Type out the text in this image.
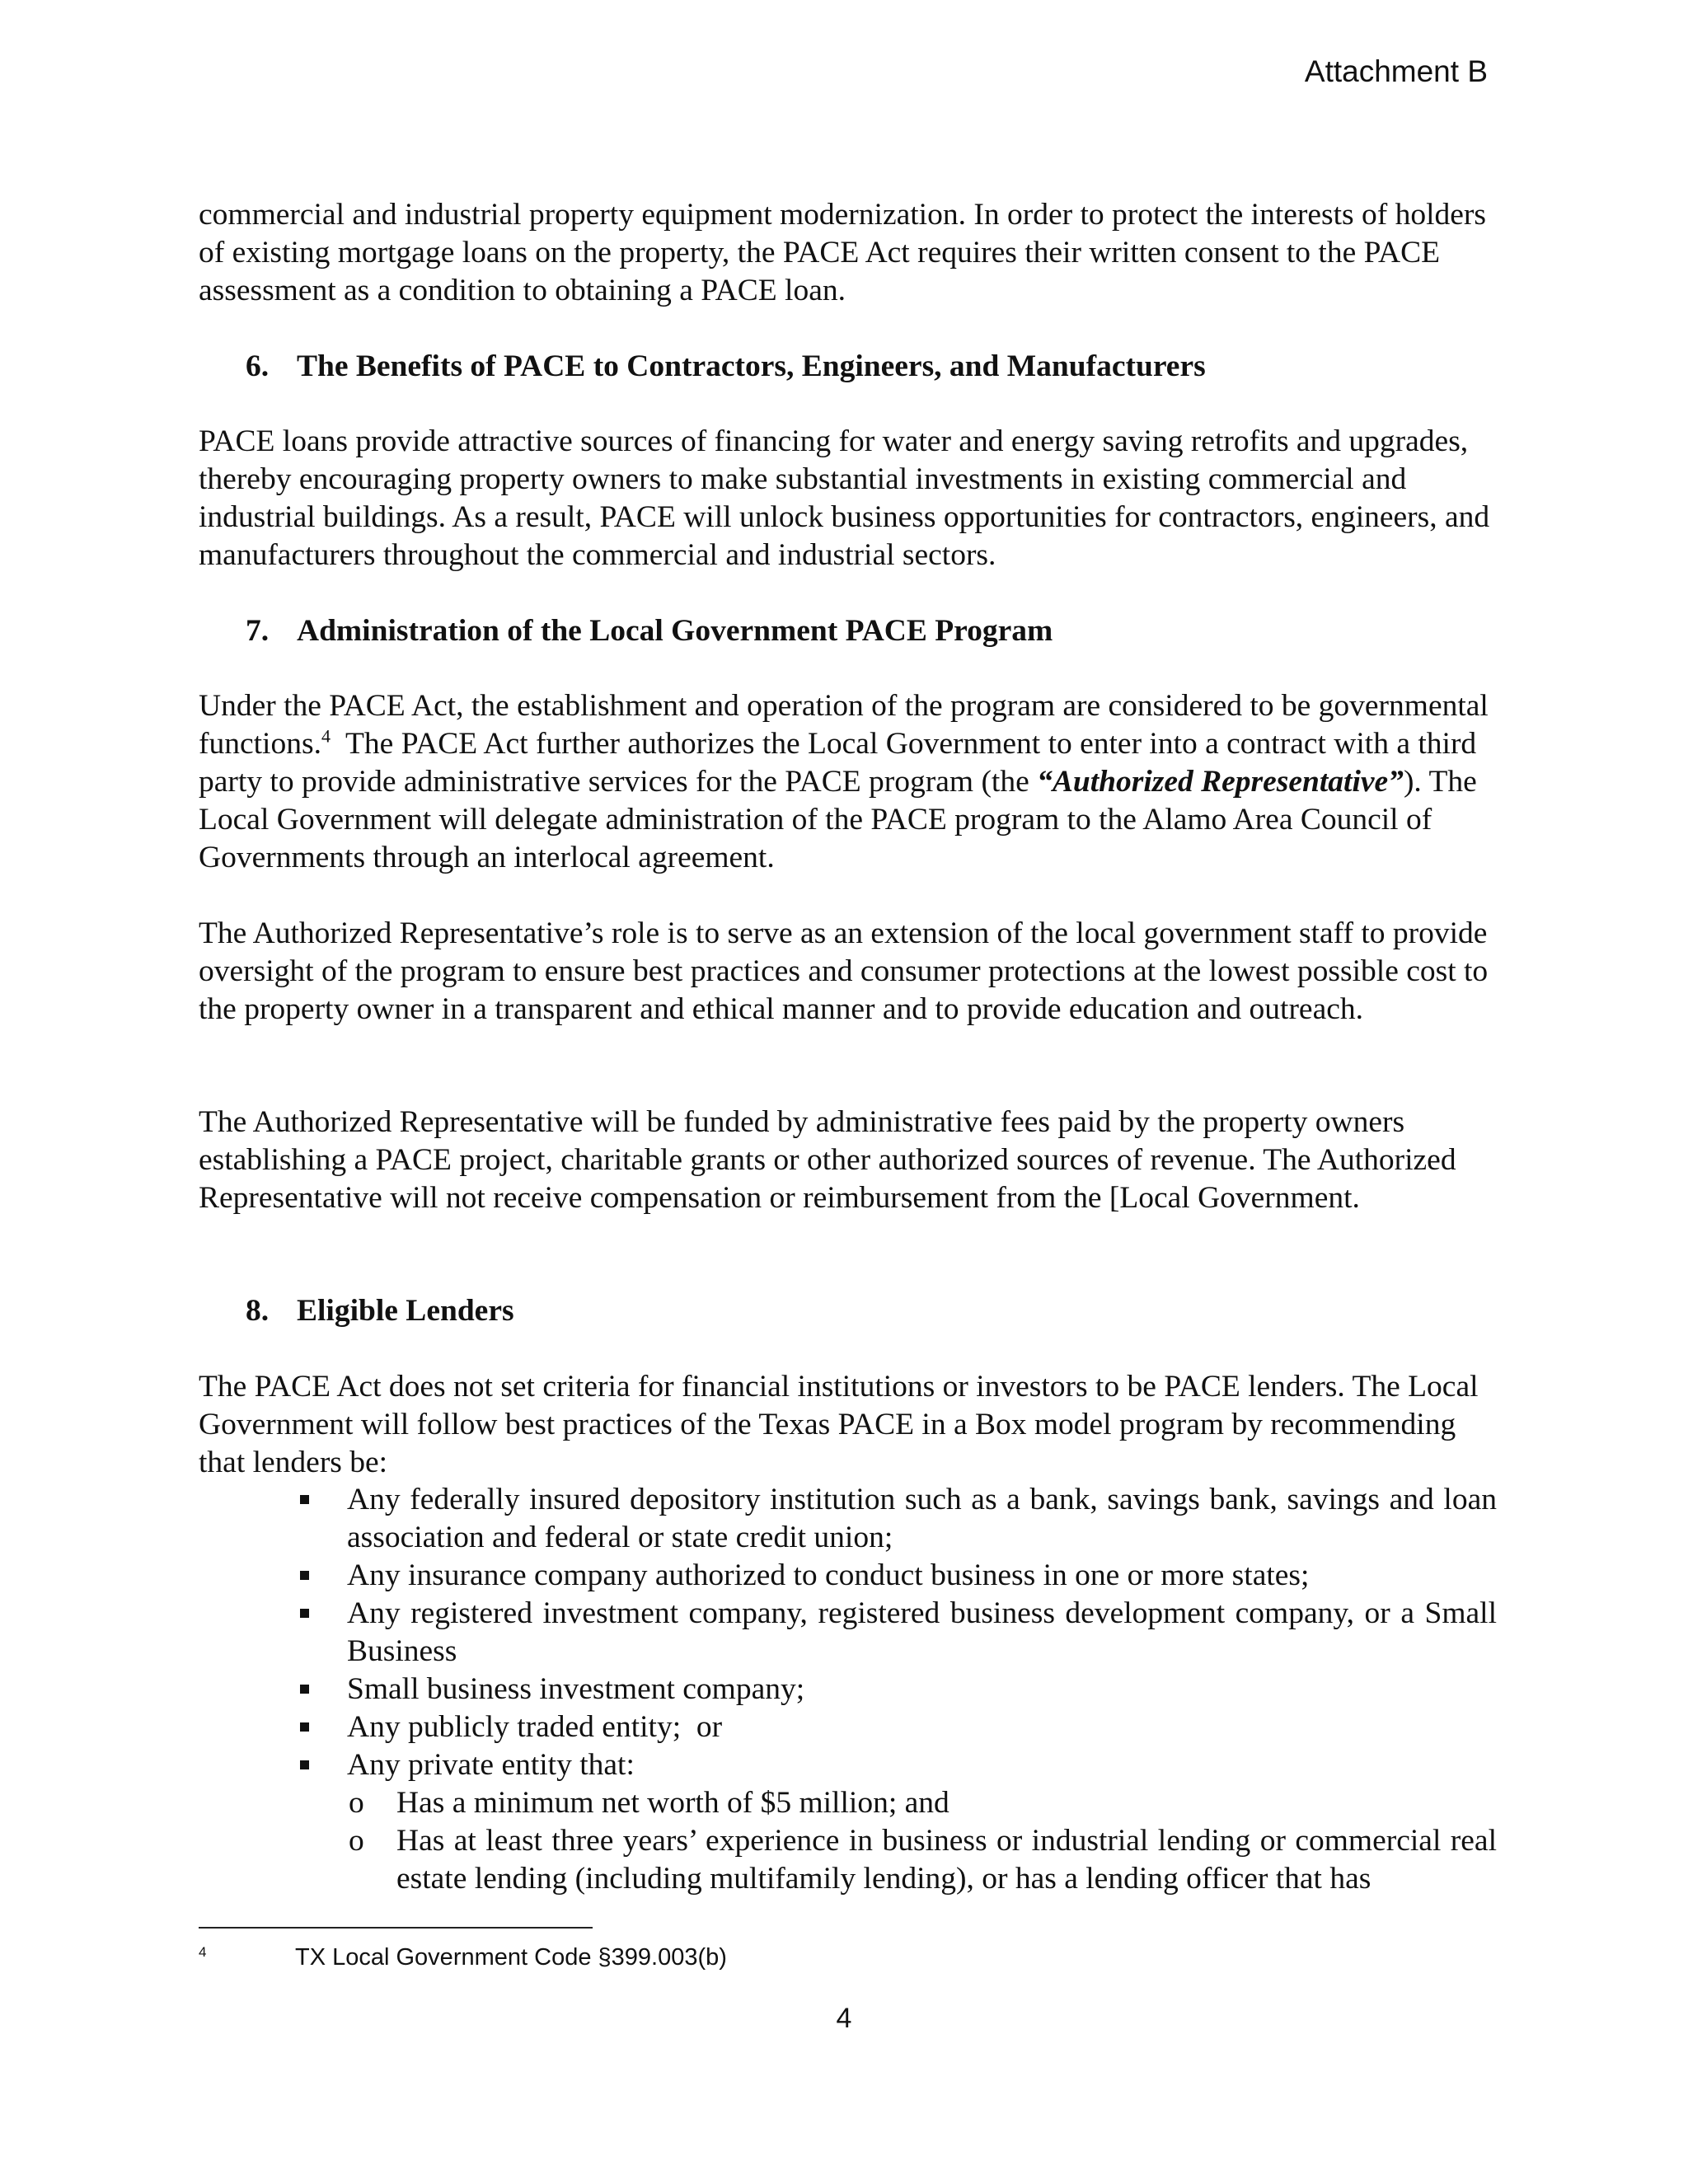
Attachment B

commercial and industrial property equipment modernization. In order to protect the interests of holders of existing mortgage loans on the property, the PACE Act requires their written consent to the PACE assessment as a condition to obtaining a PACE loan.

6. The Benefits of PACE to Contractors, Engineers, and Manufacturers

PACE loans provide attractive sources of financing for water and energy saving retrofits and upgrades, thereby encouraging property owners to make substantial investments in existing commercial and industrial buildings. As a result, PACE will unlock business opportunities for contractors, engineers, and manufacturers throughout the commercial and industrial sectors.

7. Administration of the Local Government PACE Program

Under the PACE Act, the establishment and operation of the program are considered to be governmental functions.$^4$  The PACE Act further authorizes the Local Government to enter into a contract with a third party to provide administrative services for the PACE program (the “Authorized Representative”). The Local Government will delegate administration of the PACE program to the Alamo Area Council of Governments through an interlocal agreement.

The Authorized Representative’s role is to serve as an extension of the local government staff to provide oversight of the program to ensure best practices and consumer protections at the lowest possible cost to the property owner in a transparent and ethical manner and to provide education and outreach.

The Authorized Representative will be funded by administrative fees paid by the property owners establishing a PACE project, charitable grants or other authorized sources of revenue. The Authorized Representative will not receive compensation or reimbursement from the [Local Government.

8. Eligible Lenders

The PACE Act does not set criteria for financial institutions or investors to be PACE lenders. The Local Government will follow best practices of the Texas PACE in a Box model program by recommending that lenders be:

Any federally insured depository institution such as a bank, savings bank, savings and loan association and federal or state credit union;
Any insurance company authorized to conduct business in one or more states;
Any registered investment company, registered business development company, or a Small Business
Small business investment company;
Any publicly traded entity;  or
Any private entity that:
o Has a minimum net worth of $5 million; and
o Has at least three years’ experience in business or industrial lending or commercial real estate lending (including multifamily lending), or has a lending officer that has
4	TX Local Government Code §399.003(b)
4
